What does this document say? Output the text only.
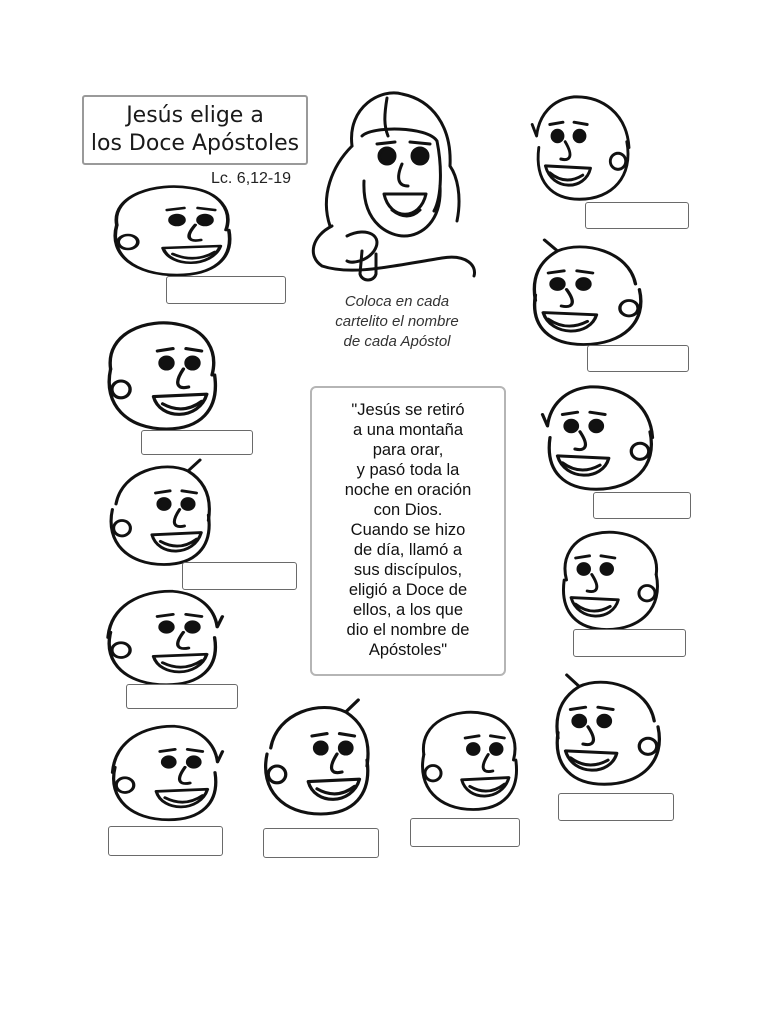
Jesús elige a
los Doce Apóstoles
Lc. 6,12-19
Coloca en cada
cartelito el nombre
de cada Apóstol
"Jesús se retiró
a una montaña
para orar,
y pasó toda la
noche en oración
con Dios.
Cuando se hizo
de día, llamó a
sus discípulos,
eligió a Doce de
ellos, a los que
dio el nombre de
Apóstoles"
